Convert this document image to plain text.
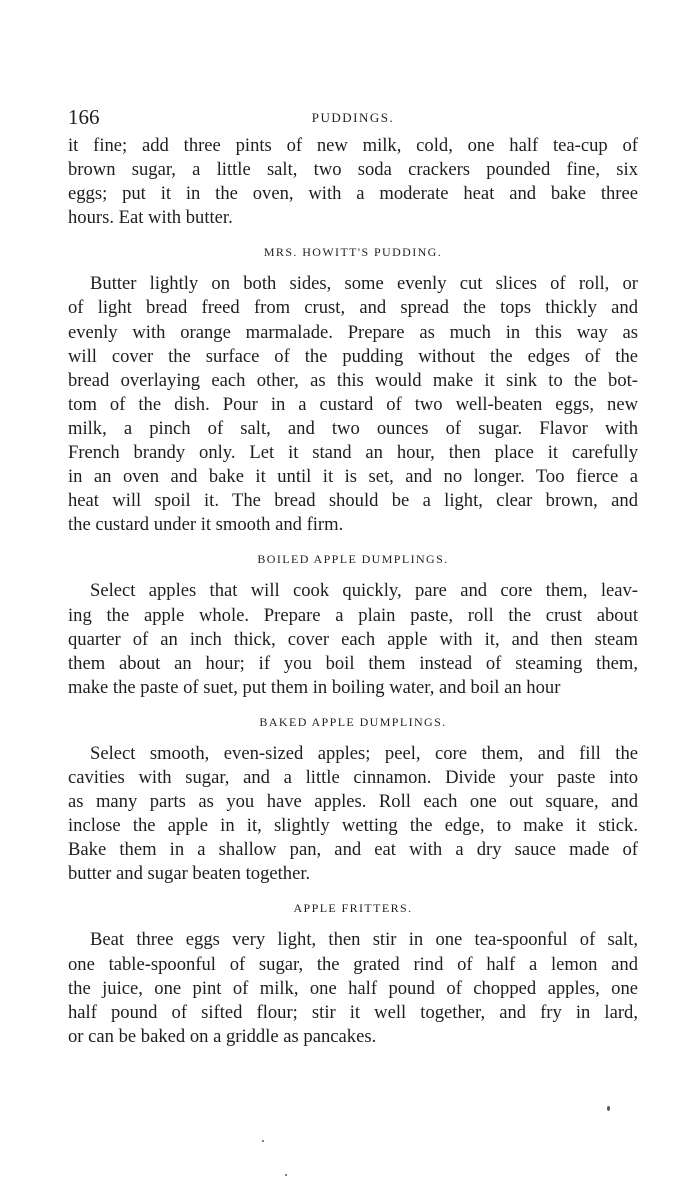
166	PUDDINGS.
it fine; add three pints of new milk, cold, one half tea-cup of
brown sugar, a little salt, two soda crackers pounded fine, six
eggs; put it in the oven, with a moderate heat and bake three
hours. Eat with butter.
MRS. HOWITT'S PUDDING.
Butter lightly on both sides, some evenly cut slices of roll, or
of light bread freed from crust, and spread the tops thickly and
evenly with orange marmalade. Prepare as much in this way as
will cover the surface of the pudding without the edges of the
bread overlaying each other, as this would make it sink to the bot-
tom of the dish. Pour in a custard of two well-beaten eggs, new
milk, a pinch of salt, and two ounces of sugar. Flavor with
French brandy only. Let it stand an hour, then place it carefully
in an oven and bake it until it is set, and no longer. Too fierce a
heat will spoil it. The bread should be a light, clear brown, and
the custard under it smooth and firm.
BOILED APPLE DUMPLINGS.
Select apples that will cook quickly, pare and core them, leav-
ing the apple whole. Prepare a plain paste, roll the crust about
quarter of an inch thick, cover each apple with it, and then steam
them about an hour; if you boil them instead of steaming them,
make the paste of suet, put them in boiling water, and boil an hour
BAKED APPLE DUMPLINGS.
Select smooth, even-sized apples; peel, core them, and fill the
cavities with sugar, and a little cinnamon. Divide your paste into
as many parts as you have apples. Roll each one out square, and
inclose the apple in it, slightly wetting the edge, to make it stick.
Bake them in a shallow pan, and eat with a dry sauce made of
butter and sugar beaten together.
APPLE FRITTERS.
Beat three eggs very light, then stir in one tea-spoonful of salt,
one table-spoonful of sugar, the grated rind of half a lemon and
the juice, one pint of milk, one half pound of chopped apples, one
half pound of sifted flour; stir it well together, and fry in lard,
or can be baked on a griddle as pancakes.
